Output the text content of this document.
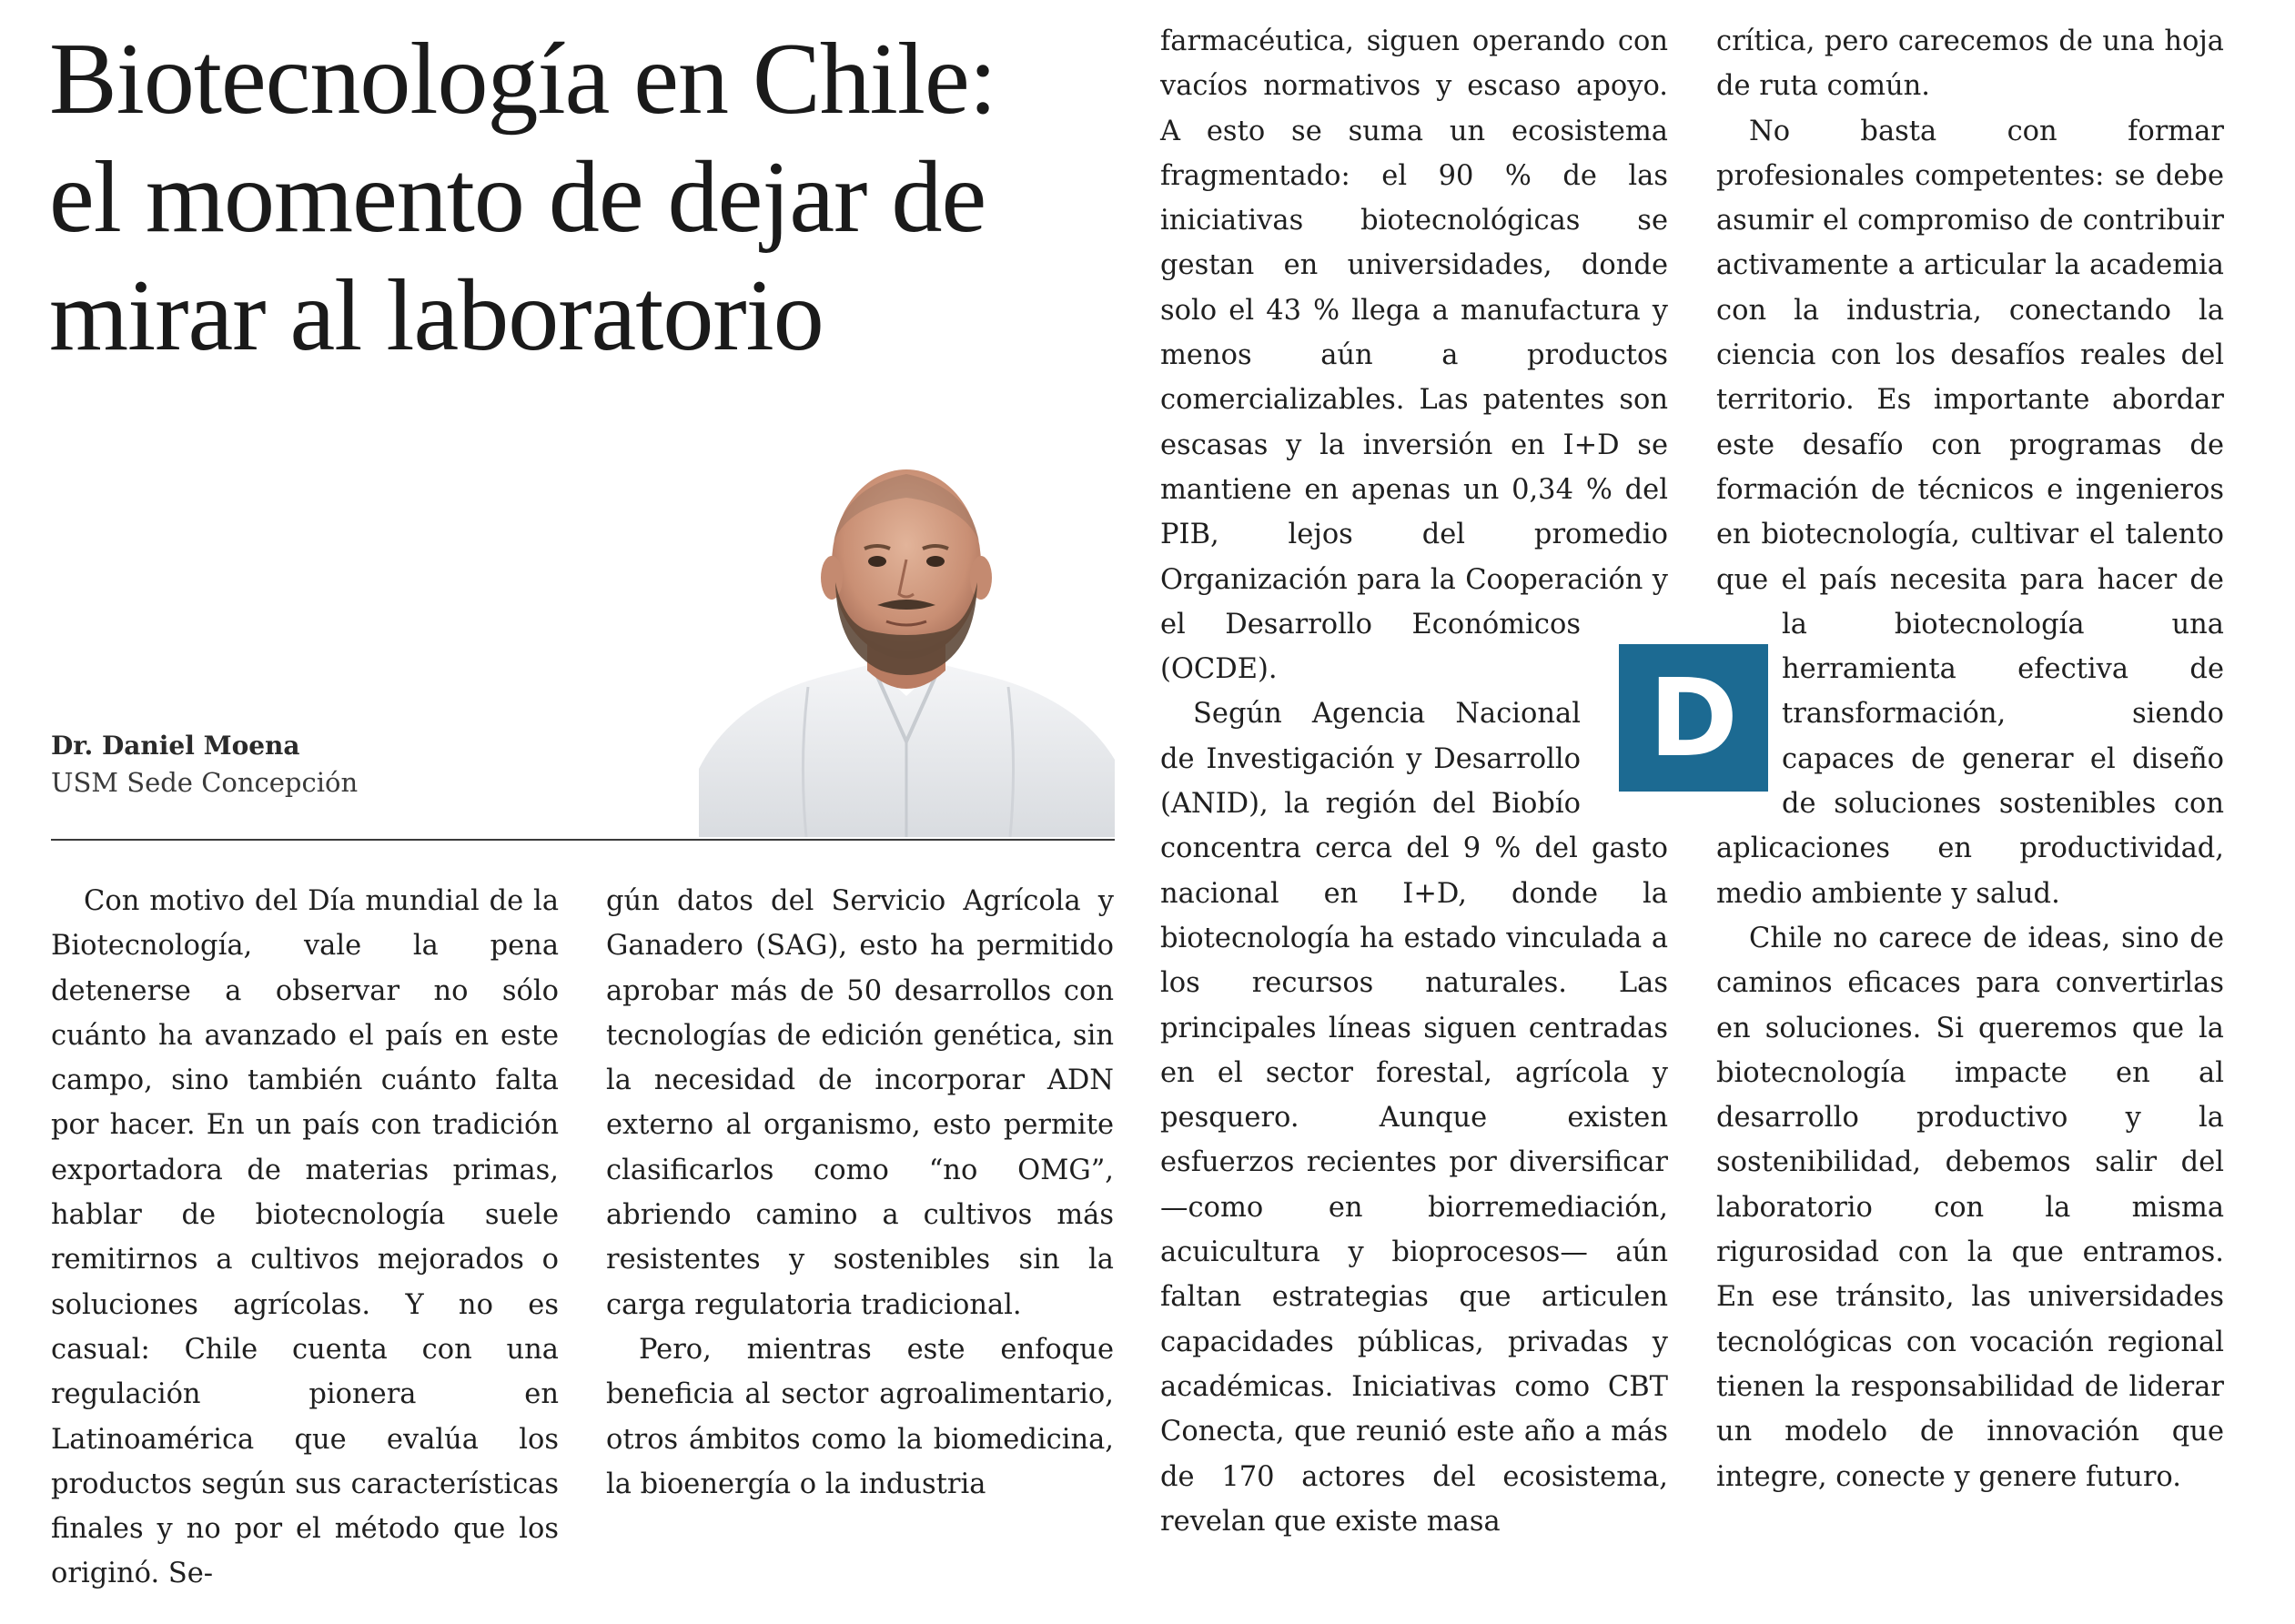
Biotecnología en Chile:
el momento de dejar de
mirar al laboratorio
Dr. Daniel Moena
USM Sede Concepción

Con motivo del Día mundial de la Biotecnología, vale la pena detenerse a observar no sólo cuánto ha avanzado el país en este campo, sino también cuánto falta por hacer. En un país con tradición exportadora de materias primas, hablar de biotecnología suele remitirnos a cultivos mejorados o soluciones agrícolas. Y no es casual: Chile cuenta con una regulación pionera en Latinoamérica que evalúa los productos según sus características finales y no por el método que los originó. Se-

gún datos del Servicio Agrícola y Ganadero (SAG), esto ha permitido aprobar más de 50 desarrollos con tecnologías de edición genética, sin la necesidad de incorporar ADN externo al organismo, esto permite clasificarlos como “no OMG”, abriendo camino a cultivos más resistentes y sostenibles sin la carga regulatoria tradicional.

Pero, mientras este enfoque beneficia al sector agroalimentario, otros ámbitos como la biomedicina, la bioenergía o la industria

farmacéutica, siguen operando con vacíos normativos y escaso apoyo. A esto se suma un ecosistema fragmentado: el 90 % de las iniciativas biotecnológicas se gestan en universidades, donde solo el 43 % llega a manufactura y menos aún a productos comercializables. Las patentes son escasas y la inversión en I+D se mantiene en apenas un 0,34 % del PIB, lejos del promedio Organización para la Cooperación y el Desarrollo Económicos (OCDE).

Según Agencia Nacional de Investigación y Desarrollo (ANID), la región del Biobío concentra cerca del 9 % del gasto nacional en I+D, donde la biotecnología ha estado vinculada a los recursos naturales. Las principales líneas siguen centradas en el sector forestal, agrícola y pesquero. Aunque existen esfuerzos recientes por diversificar —como en biorremediación, acuicultura y bioprocesos— aún faltan estrategias que articulen capacidades públicas, privadas y académicas. Iniciativas como CBT Conecta, que reunió este año a más de 170 actores del ecosistema, revelan que existe masa

crítica, pero carecemos de una hoja de ruta común.

No basta con formar profesionales competentes: se debe asumir el compromiso de contribuir activamente a articular la academia con la industria, conectando la ciencia con los desafíos reales del territorio. Es importante abordar este desafío con programas de formación de técnicos e ingenieros en biotecnología, cultivar el talento que el país necesita para hacer de la biotecnología una herramienta efectiva de transformación, siendo capaces de generar el diseño de soluciones sostenibles con aplicaciones en productividad, medio ambiente y salud.

Chile no carece de ideas, sino de caminos eficaces para convertirlas en soluciones. Si queremos que la biotecnología impacte en al desarrollo productivo y la sostenibilidad, debemos salir del laboratorio con la misma rigurosidad con la que entramos. En ese tránsito, las universidades tecnológicas con vocación regional tienen la responsabilidad de liderar un modelo de innovación que integre, conecte y genere futuro.

D
